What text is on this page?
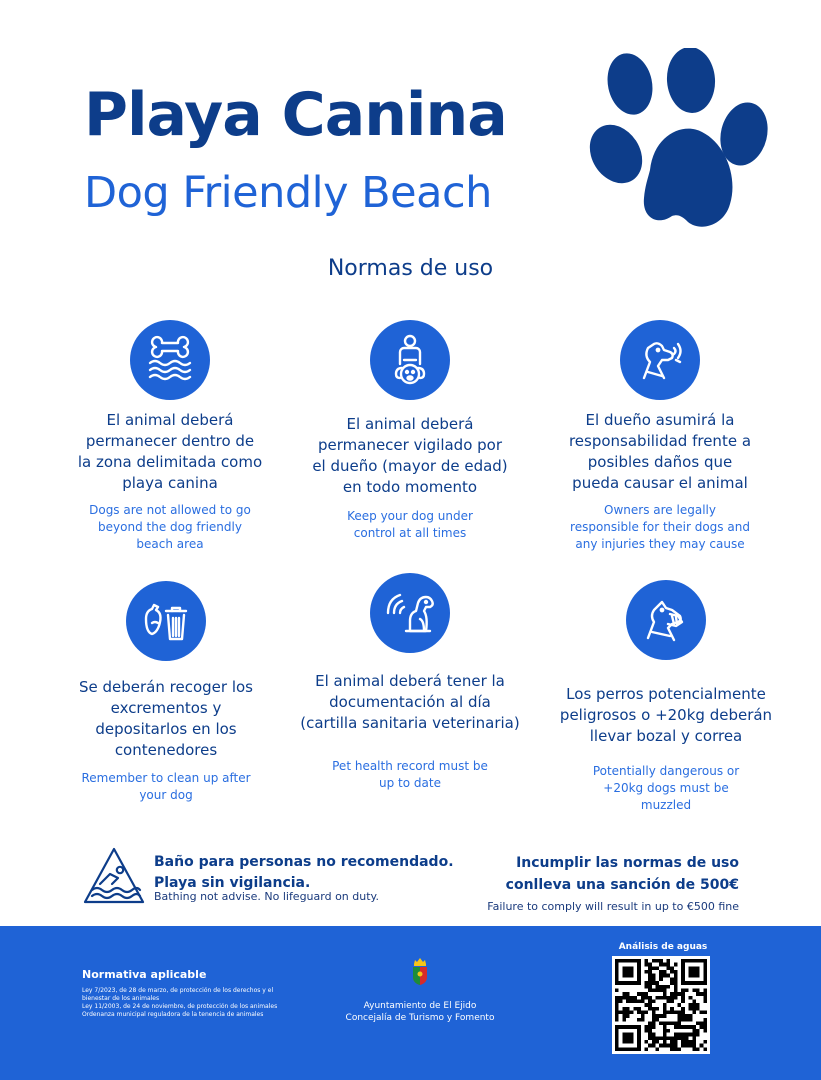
Playa Canina
Dog Friendly Beach
Normas de uso
El animal deberá
permanecer dentro de
la zona delimitada como
playa canina
Dogs are not allowed to go
beyond the dog friendly
beach area
El animal deberá
permanecer vigilado por
el dueño (mayor de edad)
en todo momento
Keep your dog under
control at all times
El dueño asumirá la
responsabilidad frente a
posibles daños que
pueda causar el animal
Owners are legally
responsible for their dogs and
any injuries they may cause
Se deberán recoger los
excrementos y
depositarlos en los
contenedores
Remember to clean up after
your dog
El animal deberá tener la
documentación al día
(cartilla sanitaria veterinaria)
Pet health record must be
up to date
Los perros potencialmente
peligrosos o +20kg deberán
llevar bozal y correa
Potentially dangerous or
+20kg dogs must be
muzzled
Baño para personas no recomendado.
Playa sin vigilancia.
Bathing not advise. No lifeguard on duty.
Incumplir las normas de uso
conlleva una sanción de 500€
Failure to comply will result in up to €500 fine
Normativa aplicable
Ley 7/2023, de 28 de marzo, de protección de los derechos y el
bienestar de los animales
Ley 11/2003, de 24 de noviembre, de protección de los animales
Ordenanza municipal reguladora de la tenencia de animales
Ayuntamiento de El Ejido
Concejalía de Turismo y Fomento
Análisis de aguas
